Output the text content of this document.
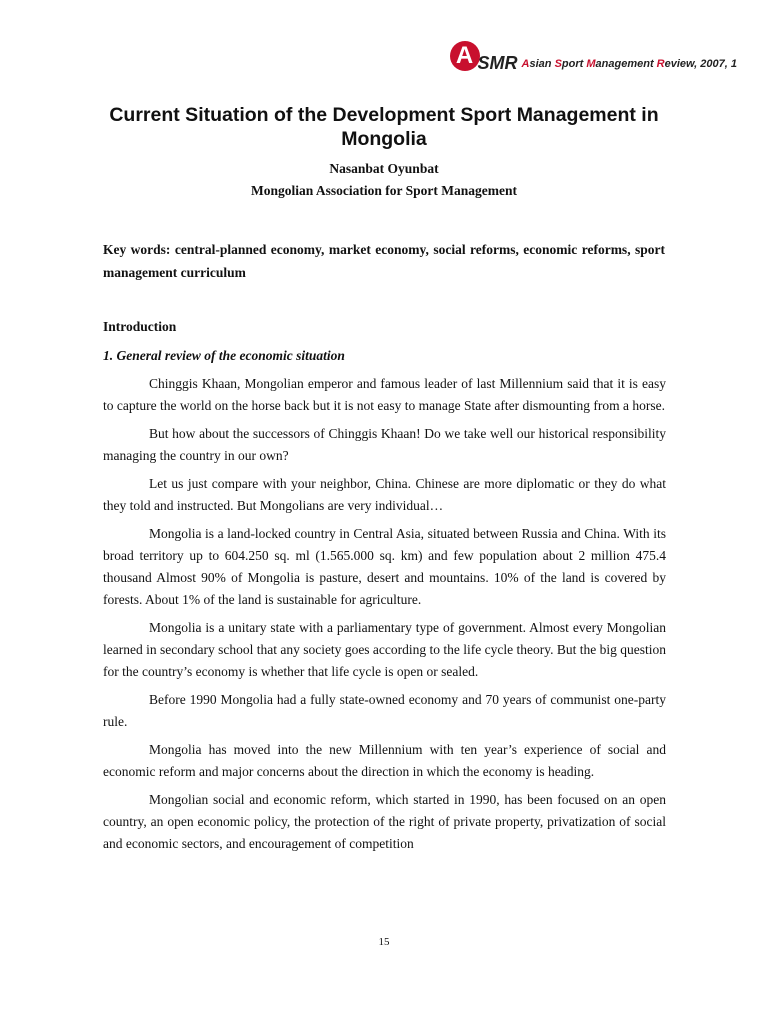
A SMR Asian Sport Management Review, 2007, 1
Current Situation of the Development Sport Management in Mongolia
Nasanbat Oyunbat
Mongolian Association for Sport Management
Key words: central-planned economy, market economy, social reforms, economic reforms, sport management curriculum
Introduction
1. General review of the economic situation

Chinggis Khaan, Mongolian emperor and famous leader of last Millennium said that it is easy to capture the world on the horse back but it is not easy to manage State after dismounting from a horse.

But how about the successors of Chinggis Khaan! Do we take well our historical responsibility managing the country in our own?

Let us just compare with your neighbor, China. Chinese are more diplomatic or they do what they told and instructed. But Mongolians are very individual…

Mongolia is a land-locked country in Central Asia, situated between Russia and China. With its broad territory up to 604.250 sq. ml (1.565.000 sq. km) and few population about 2 million 475.4 thousand Almost 90% of Mongolia is pasture, desert and mountains. 10% of the land is covered by forests. About 1% of the land is sustainable for agriculture.

Mongolia is a unitary state with a parliamentary type of government. Almost every Mongolian learned in secondary school that any society goes according to the life cycle theory. But the big question for the country’s economy is whether that life cycle is open or sealed.

Before 1990 Mongolia had a fully state-owned economy and 70 years of communist one-party rule.

Mongolia has moved into the new Millennium with ten year’s experience of social and economic reform and major concerns about the direction in which the economy is heading.

Mongolian social and economic reform, which started in 1990, has been focused on an open country, an open economic policy, the protection of the right of private property, privatization of social and economic sectors, and encouragement of competition

15
